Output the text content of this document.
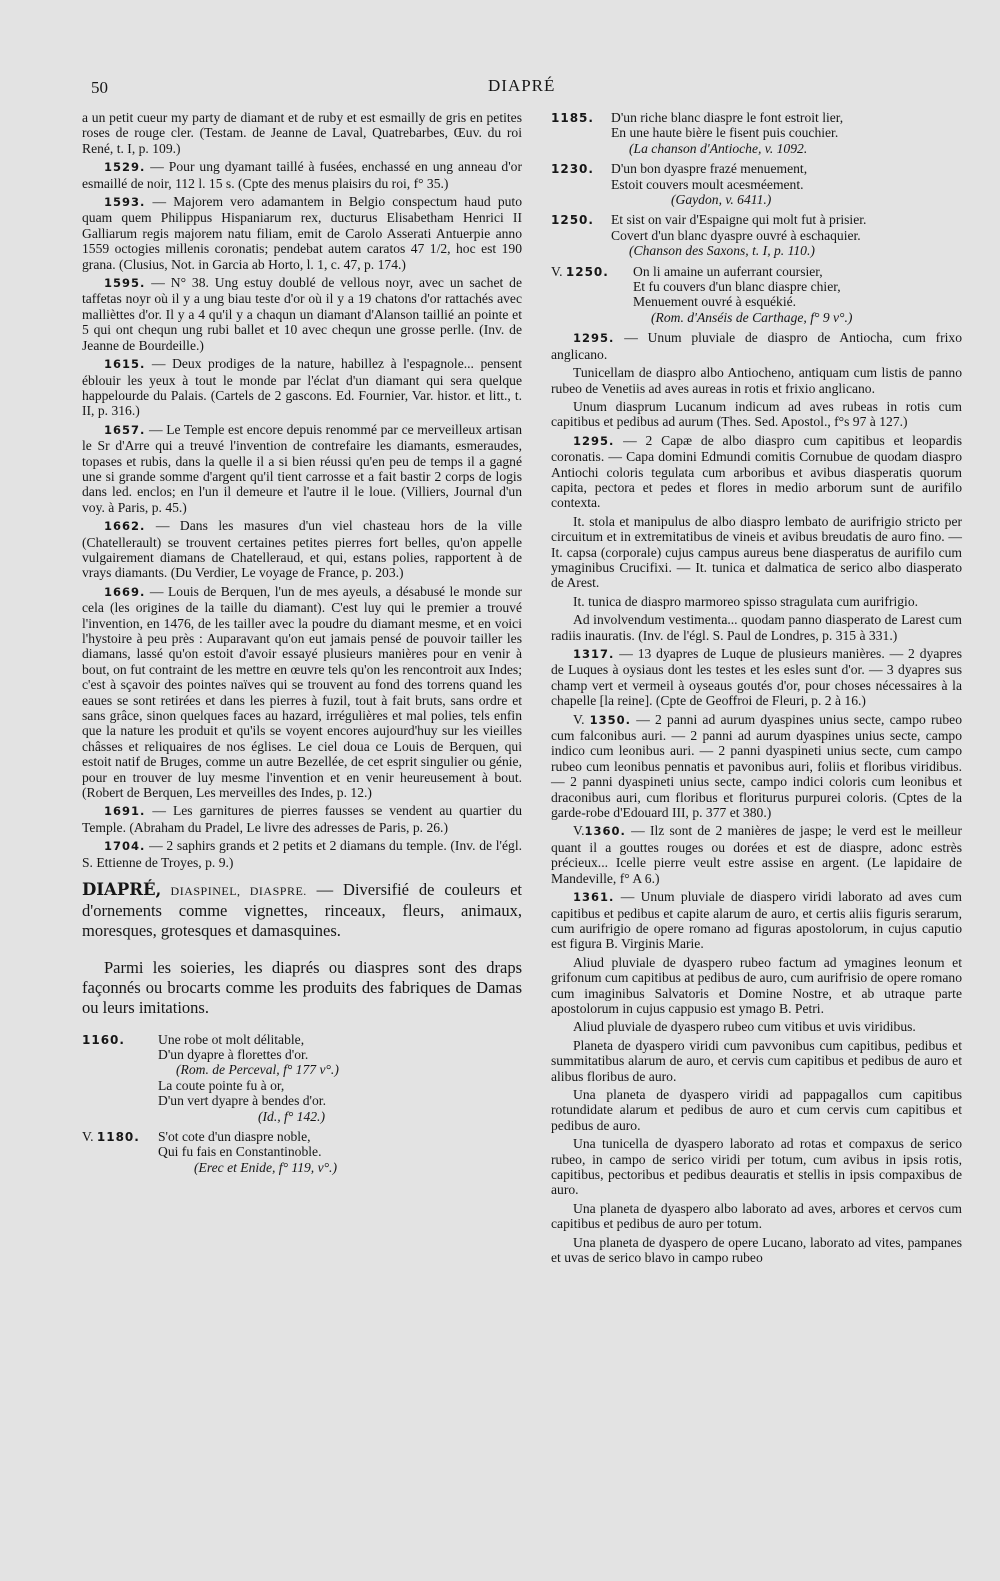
50	DIAPRÉ

a un petit cueur my party de diamant et de ruby et est esmailly de gris en petites roses de rouge cler. (Testam. de Jeanne de Laval, Quatrebarbes, Œuv. du roi René, t. I, p. 109.)

1529. — Pour ung dyamant taillé à fusées, enchassé en ung anneau d'or esmaillé de noir, 112 l. 15 s. (Cpte des menus plaisirs du roi, f° 35.)

1593. — Majorem vero adamantem in Belgio conspectum haud puto quam quem Philippus Hispaniarum rex, ducturus Elisabetham Henrici II Galliarum regis majorem natu filiam, emit de Carolo Asserati Antuerpie anno 1559 octogies millenis coronatis; pendebat autem caratos 47 1/2, hoc est 190 grana. (Clusius, Not. in Garcia ab Horto, l. 1, c. 47, p. 174.)

1595. — N° 38. Ung estuy doublé de vellous noyr, avec un sachet de taffetas noyr où il y a ung biau teste d'or où il y a 19 chatons d'or rattachés avec mallièttes d'or. Il y a 4 qu'il y a chaqun un diamant d'Alanson taillié an pointe et 5 qui ont chequn ung rubi ballet et 10 avec chequn une grosse perlle. (Inv. de Jeanne de Bourdeille.)

1615. — Deux prodiges de la nature, habillez à l'espagnole... pensent éblouir les yeux à tout le monde par l'éclat d'un diamant qui sera quelque happelourde du Palais. (Cartels de 2 gascons. Ed. Fournier, Var. histor. et litt., t. II, p. 316.)

1657. — Le Temple est encore depuis renommé par ce merveilleux artisan le Sr d'Arre qui a treuvé l'invention de contrefaire les diamants, esmeraudes, topases et rubis, dans la quelle il a si bien réussi qu'en peu de temps il a gagné une si grande somme d'argent qu'il tient carrosse et a fait bastir 2 corps de logis dans led. enclos; en l'un il demeure et l'autre il le loue. (Villiers, Journal d'un voy. à Paris, p. 45.)

1662. — Dans les masures d'un viel chasteau hors de la ville (Chatellerault) se trouvent certaines petites pierres fort belles, qu'on appelle vulgairement diamans de Chatelleraud, et qui, estans polies, rapportent à de vrays diamants. (Du Verdier, Le voyage de France, p. 203.)

1669. — Louis de Berquen, l'un de mes ayeuls, a désabusé le monde sur cela (les origines de la taille du diamant). C'est luy qui le premier a trouvé l'invention, en 1476, de les tailler avec la poudre du diamant mesme, et en voici l'hystoire à peu près : Auparavant qu'on eut jamais pensé de pouvoir tailler les diamans, lassé qu'on estoit d'avoir essayé plusieurs manières pour en venir à bout, on fut contraint de les mettre en œuvre tels qu'on les rencontroit aux Indes; c'est à sçavoir des pointes naïves qui se trouvent au fond des torrens quand les eaues se sont retirées et dans les pierres à fuzil, tout à fait bruts, sans ordre et sans grâce, sinon quelques faces au hazard, irrégulières et mal polies, tels enfin que la nature les produit et qu'ils se voyent encores aujourd'huy sur les vieilles châsses et reliquaires de nos églises. Le ciel doua ce Louis de Berquen, qui estoit natif de Bruges, comme un autre Bezellée, de cet esprit singulier ou génie, pour en trouver de luy mesme l'invention et en venir heureusement à bout. (Robert de Berquen, Les merveilles des Indes, p. 12.)

1691. — Les garnitures de pierres fausses se vendent au quartier du Temple. (Abraham du Pradel, Le livre des adresses de Paris, p. 26.)

1704. — 2 saphirs grands et 2 petits et 2 diamans du temple. (Inv. de l'égl. S. Ettienne de Troyes, p. 9.)

DIAPRÉ, DIASPINEL, DIASPRE. — Diversifié de couleurs et d'ornements comme vignettes, rinceaux, fleurs, animaux, moresques, grotesques et damasquines.

Parmi les soieries, les diaprés ou diaspres sont des draps façonnés ou brocarts comme les produits des fabriques de Damas ou leurs imitations.

1160.	Une robe ot molt délitable,
D'un dyapre à florettes d'or.
(Rom. de Perceval, f° 177 v°.)
La coute pointe fu à or,
D'un vert dyapre à bendes d'or.
(Id., f° 142.)
V. 1180.	S'ot cote d'un diaspre noble,
Qui fu fais en Constantinoble.
(Erec et Enide, f° 119, v°.)
1185.	D'un riche blanc diaspre le font estroit lier,
En une haute bière le fisent puis couchier.
(La chanson d'Antioche, v. 1092.
1230.	D'un bon dyaspre frazé menuement,
Estoit couvers moult acesméement.
(Gaydon, v. 6411.)
1250.	Et sist on vair d'Espaigne qui molt fut à prisier.
Covert d'un blanc dyaspre ouvré à eschaquier.
(Chanson des Saxons, t. I, p. 110.)
V. 1250.	On li amaine un auferrant coursier,
Et fu couvers d'un blanc diaspre chier,
Menuement ouvré à esquékié.
(Rom. d'Anséis de Carthage, f° 9 v°.)

1295. — Unum pluviale de diaspro de Antiocha, cum frixo anglicano.

Tunicellam de diaspro albo Antiocheno, antiquam cum listis de panno rubeo de Venetiis ad aves aureas in rotis et frixio anglicano.

Unum diasprum Lucanum indicum ad aves rubeas in rotis cum capitibus et pedibus ad aurum (Thes. Sed. Apostol., f°s 97 à 127.)

1295. — 2 Capæ de albo diaspro cum capitibus et leopardis coronatis. — Capa domini Edmundi comitis Cornubue de quodam diaspro Antiochi coloris tegulata cum arboribus et avibus diasperatis quorum capita, pectora et pedes et flores in medio arborum sunt de aurifilo contexta.

It. stola et manipulus de albo diaspro lembato de aurifrigio stricto per circuitum et in extremitatibus de vineis et avibus breudatis de auro fino. — It. capsa (corporale) cujus campus aureus bene diasperatus de aurifilo cum ymaginibus Crucifixi. — It. tunica et dalmatica de serico albo diasperato de Arest.

It. tunica de diaspro marmoreo spisso stragulata cum aurifrigio.

Ad involvendum vestimenta... quodam panno diasperato de Larest cum radiis inauratis. (Inv. de l'égl. S. Paul de Londres, p. 315 à 331.)

1317. — 13 dyapres de Luque de plusieurs manières. — 2 dyapres de Luques à oysiaus dont les testes et les esles sunt d'or. — 3 dyapres sus champ vert et vermeil à oyseaus goutés d'or, pour choses nécessaires à la chapelle [la reine]. (Cpte de Geoffroi de Fleuri, p. 2 à 16.)

V. 1350. — 2 panni ad aurum dyaspines unius secte, campo rubeo cum falconibus auri. — 2 panni ad aurum dyaspines unius secte, campo indico cum leonibus auri. — 2 panni dyaspineti unius secte, cum campo rubeo cum leonibus pennatis et pavonibus auri, foliis et floribus viridibus. — 2 panni dyaspineti unius secte, campo indici coloris cum leonibus et draconibus auri, cum floribus et floriturus purpurei coloris. (Cptes de la garde-robe d'Edouard III, p. 377 et 380.)

V.1360. — Ilz sont de 2 manières de jaspe; le verd est le meilleur quant il a gouttes rouges ou dorées et est de diaspre, adonc estrès précieux... Icelle pierre veult estre assise en argent. (Le lapidaire de Mandeville, f° A 6.)

1361. — Unum pluviale de diaspero viridi laborato ad aves cum capitibus et pedibus et capite alarum de auro, et certis aliis figuris serarum, cum aurifrigio de opere romano ad figuras apostolorum, in cujus caputio est figura B. Virginis Marie.

Aliud pluviale de dyaspero rubeo factum ad ymagines leonum et grifonum cum capitibus at pedibus de auro, cum aurifrisio de opere romano cum imaginibus Salvatoris et Domine Nostre, et ab utraque parte apostolorum in cujus cappusio est ymago B. Petri.

Aliud pluviale de dyaspero rubeo cum vitibus et uvis viridibus.

Planeta de dyaspero viridi cum pavvonibus cum capitibus, pedibus et summitatibus alarum de auro, et cervis cum capitibus et pedibus de auro et alibus floribus de auro.

Una planeta de dyaspero viridi ad pappagallos cum capitibus rotundidate alarum et pedibus de auro et cum cervis cum capitibus et pedibus de auro.

Una tunicella de dyaspero laborato ad rotas et compaxus de serico rubeo, in campo de serico viridi per totum, cum avibus in ipsis rotis, capitibus, pectoribus et pedibus deauratis et stellis in ipsis compaxibus de auro.

Una planeta de dyaspero albo laborato ad aves, arbores et cervos cum capitibus et pedibus de auro per totum.

Una planeta de dyaspero de opere Lucano, laborato ad vites, pampanes et uvas de serico blavo in campo rubeo
